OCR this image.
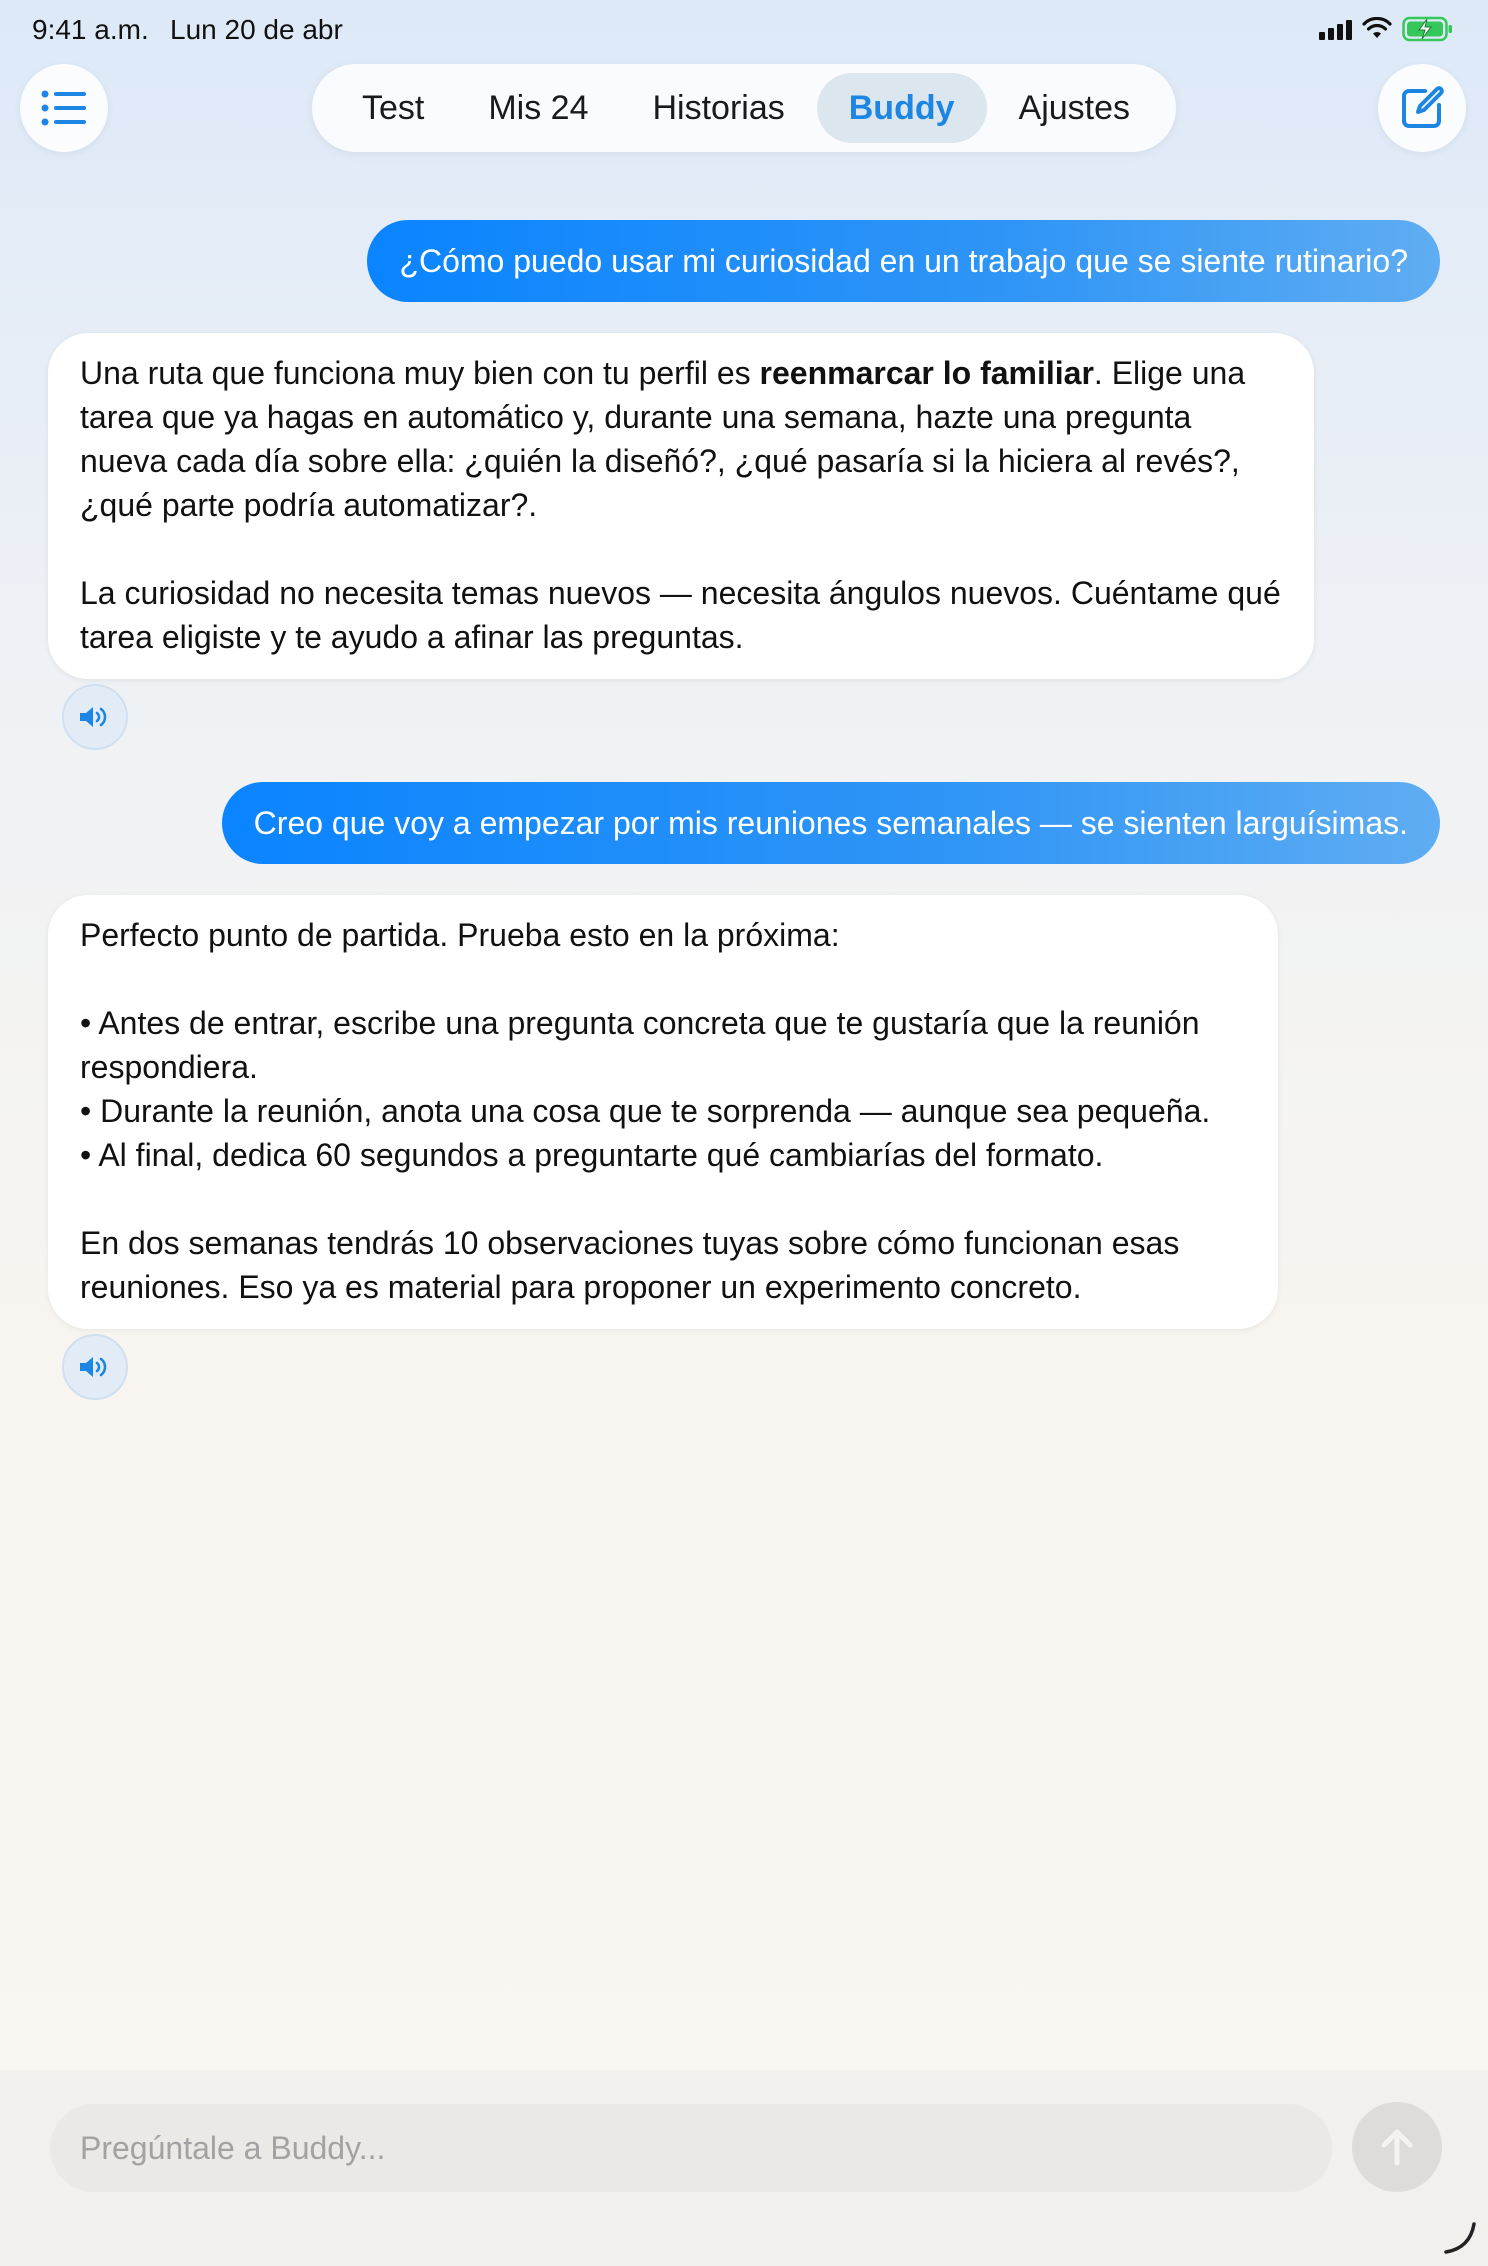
9:41 a.m. Lun 20 de abr
Test	Mis 24	Historias	Buddy	Ajustes
¿Cómo puedo usar mi curiosidad en un trabajo que se siente rutinario?

Una ruta que funciona muy bien con tu perfil es reenmarcar lo familiar. Elige una tarea que ya hagas en automático y, durante una semana, hazte una pregunta nueva cada día sobre ella: ¿quién la diseñó?, ¿qué pasaría si la hiciera al revés?, ¿qué parte podría automatizar?.

La curiosidad no necesita temas nuevos — necesita ángulos nuevos. Cuéntame qué tarea eligiste y te ayudo a afinar las preguntas.

Creo que voy a empezar por mis reuniones semanales — se sienten larguísimas.

Perfecto punto de partida. Prueba esto en la próxima:

• Antes de entrar, escribe una pregunta concreta que te gustaría que la reunión respondiera.

• Durante la reunión, anota una cosa que te sorprenda — aunque sea pequeña.

• Al final, dedica 60 segundos a preguntarte qué cambiarías del formato.

En dos semanas tendrás 10 observaciones tuyas sobre cómo funcionan esas reuniones. Eso ya es material para proponer un experimento concreto.

Pregúntale a Buddy...
